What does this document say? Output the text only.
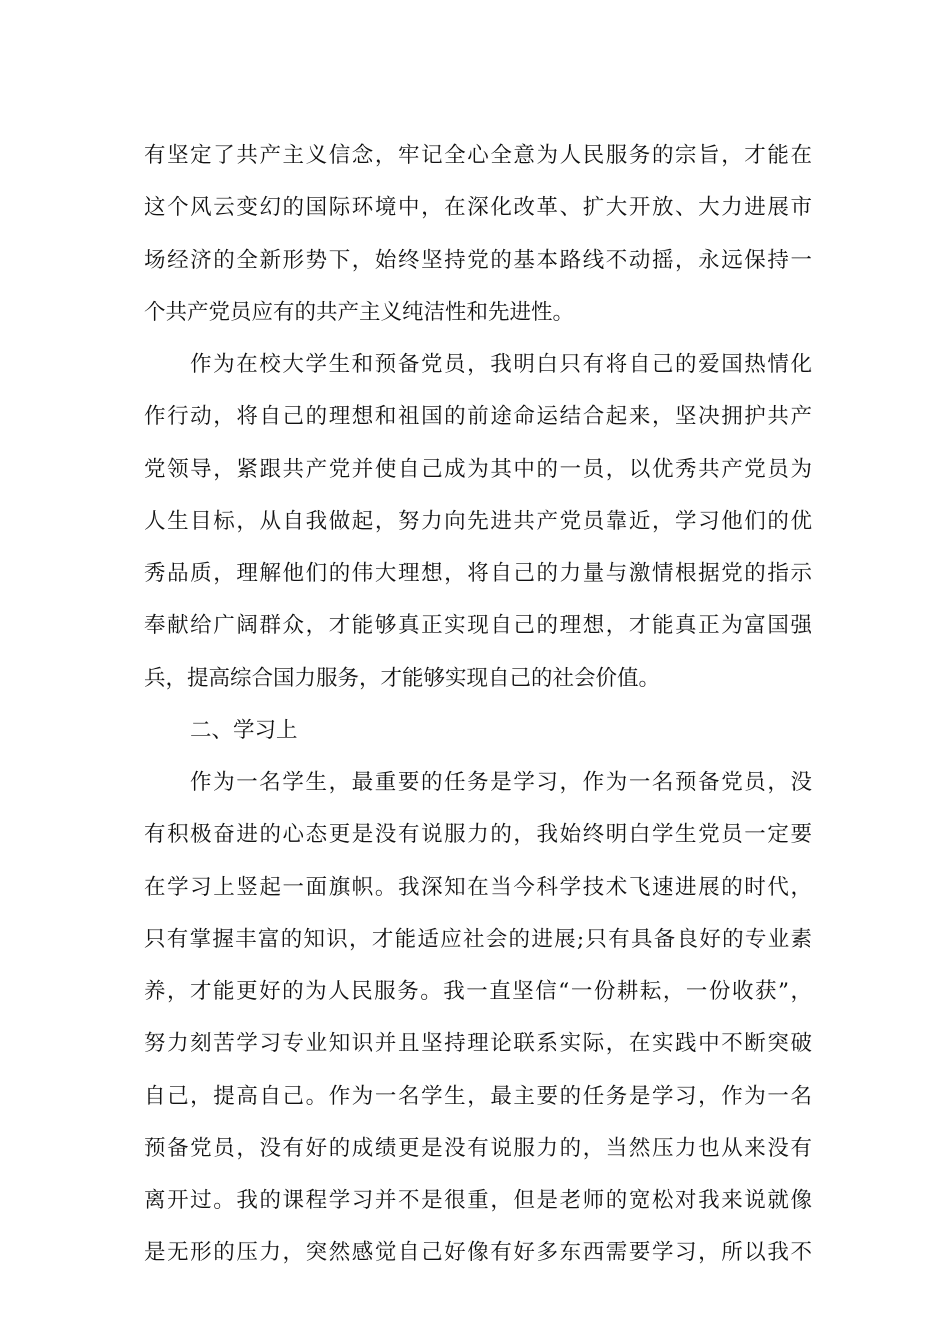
有坚定了共产主义信念，牢记全心全意为人民服务的宗旨，才能在
这个风云变幻的国际环境中，在深化改革、扩大开放、大力进展市
场经济的全新形势下，始终坚持党的基本路线不动摇，永远保持一
个共产党员应有的共产主义纯洁性和先进性。
作为在校大学生和预备党员，我明白只有将自己的爱国热情化
作行动，将自己的理想和祖国的前途命运结合起来，坚决拥护共产
党领导，紧跟共产党并使自己成为其中的一员，以优秀共产党员为
人生目标，从自我做起，努力向先进共产党员靠近，学习他们的优
秀品质，理解他们的伟大理想，将自己的力量与激情根据党的指示
奉献给广阔群众，才能够真正实现自己的理想，才能真正为富国强
兵，提高综合国力服务，才能够实现自己的社会价值。
二、学习上
作为一名学生，最重要的任务是学习，作为一名预备党员，没
有积极奋进的心态更是没有说服力的，我始终明白学生党员一定要
在学习上竖起一面旗帜。我深知在当今科学技术飞速进展的时代，
只有掌握丰富的知识，才能适应社会的进展;只有具备良好的专业素
养，才能更好的为人民服务。我一直坚信“一份耕耘，一份收获”，
努力刻苦学习专业知识并且坚持理论联系实际，在实践中不断突破
自己，提高自己。作为一名学生，最主要的任务是学习，作为一名
预备党员，没有好的成绩更是没有说服力的，当然压力也从来没有
离开过。我的课程学习并不是很重，但是老师的宽松对我来说就像
是无形的压力，突然感觉自己好像有好多东西需要学习，所以我不
